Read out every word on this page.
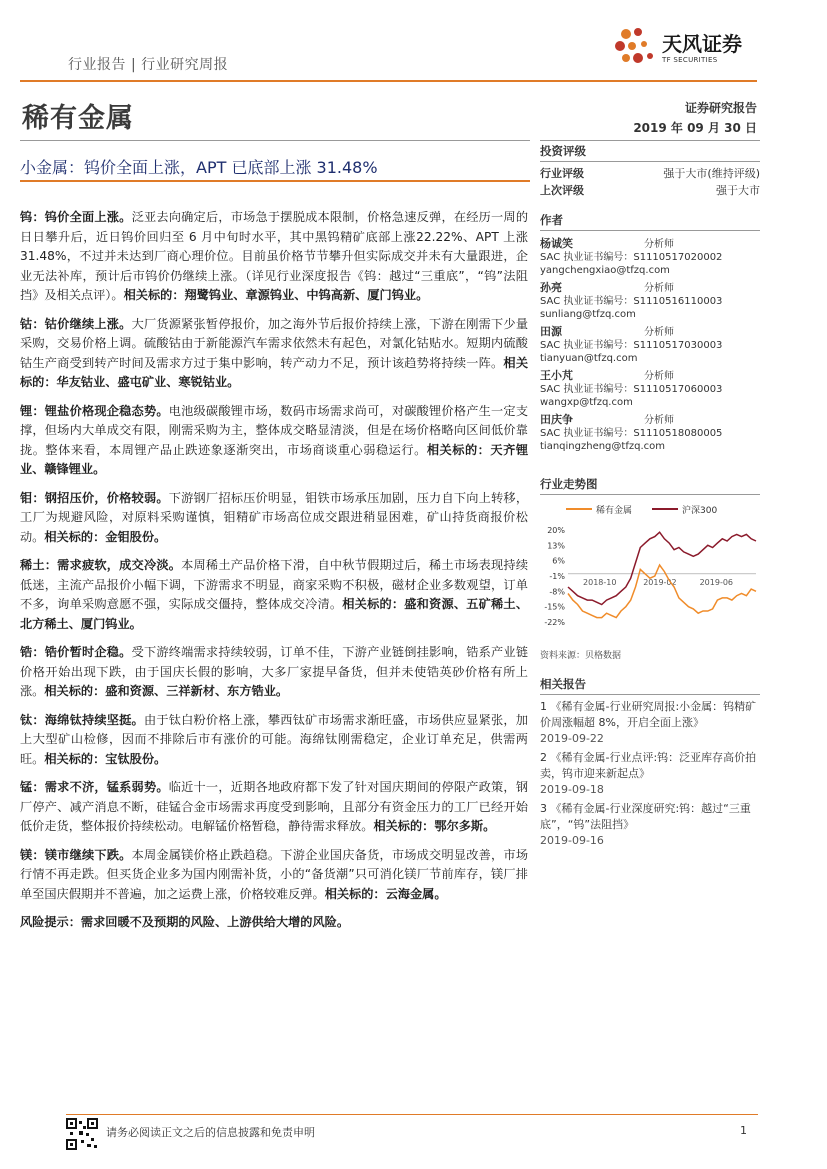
行业报告 | 行业研究周报
天风证券
TF SECURITIES
稀有金属	证券研究报告
2019 年 09 月 30 日
小金属：钨价全面上涨，APT 已底部上涨 31.48%

钨：钨价全面上涨。泛亚去向确定后，市场急于摆脱成本限制，价格急速反弹，在经历一周的日日攀升后，近日钨价回归至 6 月中旬时水平，其中黑钨精矿底部上涨22.22%、APT 上涨 31.48%，不过并未达到厂商心理价位。目前虽价格节节攀升但实际成交并未有大量跟进，企业无法补库，预计后市钨价仍继续上涨。（详见行业深度报告《钨：越过“三重底”，“钨”法阻挡》及相关点评）。相关标的：翔鹭钨业、章源钨业、中钨高新、厦门钨业。

钴：钴价继续上涨。大厂货源紧张暂停报价，加之海外节后报价持续上涨，下游在刚需下少量采购，交易价格上调。硫酸钴由于新能源汽车需求依然未有起色，对氯化钴贴水。短期内硫酸钴生产商受到转产时间及需求方过于集中影响，转产动力不足，预计该趋势将持续一阵。相关标的：华友钴业、盛屯矿业、寒锐钴业。

锂：锂盐价格现企稳态势。电池级碳酸锂市场，数码市场需求尚可，对碳酸锂价格产生一定支撑，但场内大单成交有限，刚需采购为主，整体成交略显清淡，但是在场价格略向区间低价靠拢。整体来看，本周锂产品止跌迹象逐渐突出，市场商谈重心弱稳运行。相关标的：天齐锂业、赣锋锂业。

钼：钢招压价，价格较弱。下游钢厂招标压价明显，钼铁市场承压加剧，压力自下向上转移，工厂为规避风险，对原料采购谨慎，钼精矿市场高位成交跟进稍显困难，矿山持货商报价松动。相关标的：金钼股份。

稀土：需求疲软，成交冷淡。本周稀土产品价格下滑，自中秋节假期过后，稀土市场表现持续低迷，主流产品报价小幅下调，下游需求不明显，商家采购不积极，磁材企业多数观望，订单不多，询单采购意愿不强，实际成交僵持，整体成交冷清。相关标的：盛和资源、五矿稀土、北方稀土、厦门钨业。

锆：锆价暂时企稳。受下游终端需求持续较弱，订单不佳，下游产业链倒挂影响，锆系产业链价格开始出现下跌，由于国庆长假的影响，大多厂家提早备货，但并未使锆英砂价格有所上涨。相关标的：盛和资源、三祥新材、东方锆业。

钛：海绵钛持续坚挺。由于钛白粉价格上涨，攀西钛矿市场需求渐旺盛，市场供应显紧张，加上大型矿山检修，因而不排除后市有涨价的可能。海绵钛刚需稳定，企业订单充足，供需两旺。相关标的：宝钛股份。

锰：需求不济，锰系弱势。临近十一，近期各地政府都下发了针对国庆期间的停限产政策，钢厂停产、减产消息不断，硅锰合金市场需求再度受到影响，且部分有资金压力的工厂已经开始低价走货，整体报价持续松动。电解锰价格暂稳，静待需求释放。相关标的：鄂尔多斯。

镁：镁市继续下跌。本周金属镁价格止跌趋稳。下游企业国庆备货，市场成交明显改善，市场行情不再走跌。但买货企业多为国内刚需补货，小的“备货潮”只可消化镁厂节前库存，镁厂排单至国庆假期并不普遍，加之运费上涨，价格较难反弹。相关标的：云海金属。

风险提示：需求回暖不及预期的风险、上游供给大增的风险。

投资评级
行业评级	强于大市(维持评级)
上次评级	强于大市
作者
杨诚笑	分析师
SAC 执业证书编号：S1110517020002
yangchengxiao@tfzq.com
孙亮	分析师
SAC 执业证书编号：S1110516110003
sunliang@tfzq.com
田源	分析师
SAC 执业证书编号：S1110517030003
tianyuan@tfzq.com
王小芃	分析师
SAC 执业证书编号：S1110517060003
wangxp@tfzq.com
田庆争	分析师
SAC 执业证书编号：S1110518080005
tianqingzheng@tfzq.com
行业走势图
稀有金属	沪深300
20%
13%
6%
-1%
-8%
-15%
-22%
2018-10	2019-02	2019-06
资料来源：贝格数据
相关报告
1 《稀有金属-行业研究周报:小金属：钨精矿价周涨幅超 8%，开启全面上涨》
2019-09-22
2 《稀有金属-行业点评:钨：泛亚库存高价拍卖，钨市迎来新起点》
2019-09-18
3 《稀有金属-行业深度研究:钨：越过“三重底”，“钨”法阻挡》
2019-09-16
请务必阅读正文之后的信息披露和免责申明	1
